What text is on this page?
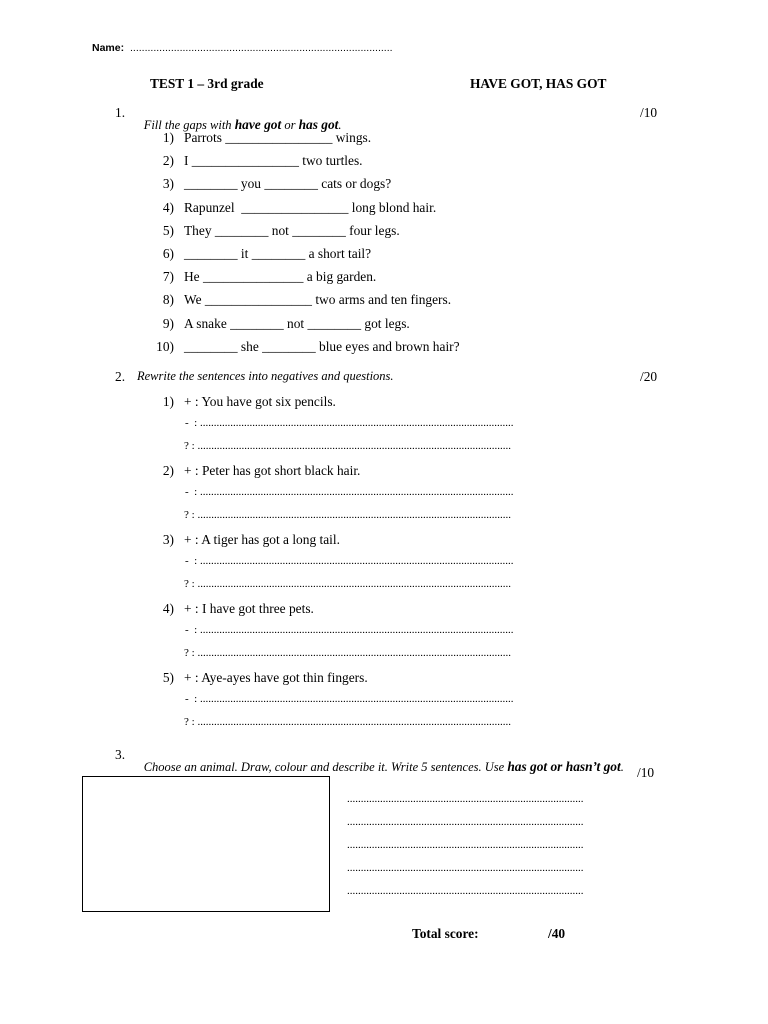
Name: ..........................................................................................
TEST 1 – 3rd grade	HAVE GOT, HAS GOT
1.

Fill the gaps with have got or has got.

/10
1) Parrots ________________ wings.
2) I ________________ two turtles.
3) ________ you ________ cats or dogs?
4) Rapunzel  ________________ long blond hair.
5) They ________ not ________ four legs.
6) ________ it ________ a short tail?
7) He _______________ a big garden.
8) We ________________ two arms and ten fingers.
9) A snake ________ not ________ got legs.
10) ________ she ________ blue eyes and brown hair?
2. Rewrite the sentences into negatives and questions.	/20
1) + : You have got six pencils.
-  : ..................................................................................................................
? : ..................................................................................................................
2) + : Peter has got short black hair.
-  : ..................................................................................................................
? : ..................................................................................................................
3) + : A tiger has got a long tail.
-  : ..................................................................................................................
? : ..................................................................................................................
4) + : I have got three pets.
-  : ..................................................................................................................
? : ..................................................................................................................
5) + : Aye-ayes have got thin fingers.
-  : ..................................................................................................................
? : ..................................................................................................................
3.

Choose an animal. Draw, colour and describe it. Write 5 sentences. Use has got or hasn’t got. /10
......................................................................................
......................................................................................
......................................................................................
......................................................................................
......................................................................................
Total score:	/40
